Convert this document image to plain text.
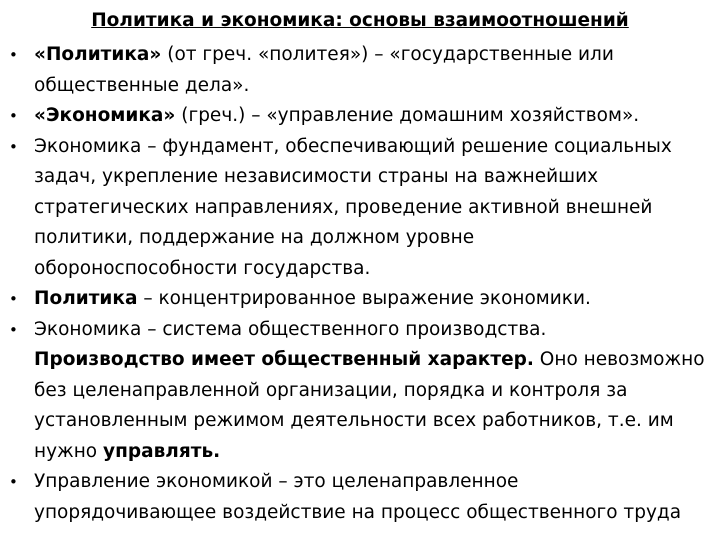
Политика и экономика: основы взаимоотношений
• «Политика» (от греч. «политея») – «государственные или
общественные дела».
• «Экономика» (греч.) – «управление домашним хозяйством».
• Экономика – фундамент, обеспечивающий решение социальных
задач, укрепление независимости страны на важнейших
стратегических направлениях, проведение активной внешней
политики, поддержание на должном уровне
обороноспособности государства.
• Политика – концентрированное выражение экономики.
• Экономика – система общественного производства.
Производство имеет общественный характер. Оно невозможно
без целенаправленной организации, порядка и контроля за
установленным режимом деятельности всех работников, т.е. им
нужно управлять.
• Управление экономикой – это целенаправленное
упорядочивающее воздействие на процесс общественного труда
